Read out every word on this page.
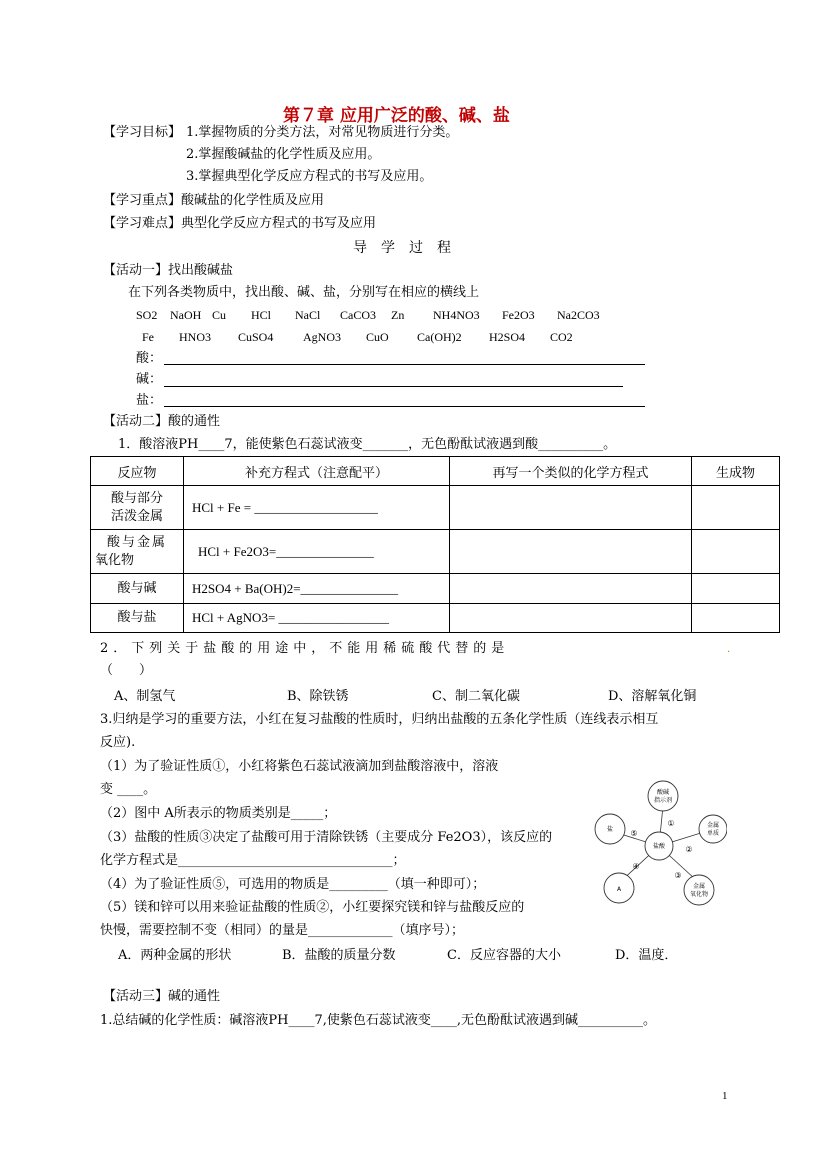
第７章 应用广泛的酸、碱、盐
【学习目标】 1.掌握物质的分类方法，对常见物质进行分类。
2.掌握酸碱盐的化学性质及应用。
3.掌握典型化学反应方程式的书写及应用。
【学习重点】酸碱盐的化学性质及应用
【学习难点】典型化学反应方程式的书写及应用
导　学　过　程
【活动一】找出酸碱盐
在下列各类物质中，找出酸、碱、盐，分别写在相应的横线上
SO2 NaOH Cu HCl NaCl CaCO3 Zn NH4NO3 Fe2O3 Na2CO3
Fe HNO3 CuSO4 AgNO3 CuO Ca(OH)2 H2SO4 CO2
酸：
碱：
盐：
【活动二】酸的通性
1．酸溶液PH____7，能使紫色石蕊试液变_______，无色酚酞试液遇到酸__________。
反应物	补充方程式（注意配平）	再写一个类似的化学方程式	生成物

酸与部分
活泼金属	HCl + Fe = ___________________		

酸与金属
氧化物	HCl + Fe2O3=_______________		
酸与碱	H2SO4 + Ba(OH)2=_______________		
酸与盐	HCl + AgNO3= _________________		
2．下列关于盐酸的用途中，不能用稀硫酸代替的是	.
（　　）
A、制氢气	B、除铁锈	C、制二氧化碳	D、溶解氧化铜
3.归纳是学习的重要方法，小红在复习盐酸的性质时，归纳出盐酸的五条化学性质（连线表示相互
反应).
（1）为了验证性质①，小红将紫色石蕊试液滴加到盐酸溶液中，溶液
变 ____。
（2）图中 A所表示的物质类别是_____；
（3）盐酸的性质③决定了盐酸可用于清除铁锈（主要成分 Fe2O3），该反应的
化学方程式是_________________________________；
（4）为了验证性质⑤，可选用的物质是_________（填一种即可）；
（5）镁和锌可以用来验证盐酸的性质②，小红要探究镁和锌与盐酸反应的
快慢，需要控制不变（相同）的量是_____________（填序号）；
A．两种金属的形状	B．盐酸的质量分数	C．反应容器的大小	D．温度．
盐酸
酸碱
指示剂
金属
单质
金属
氧化物
盐
A
①
②
③
④
⑤
【活动三】碱的通性
1.总结碱的化学性质：碱溶液PH____7,使紫色石蕊试液变____,无色酚酞试液遇到碱__________。
1
